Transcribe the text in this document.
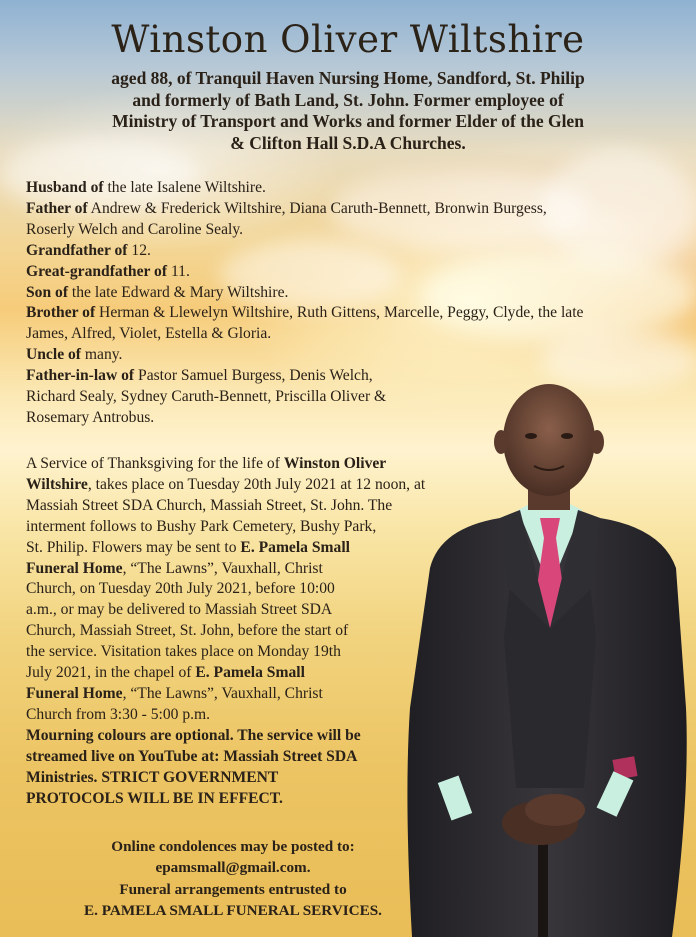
Winston Oliver Wiltshire
aged 88, of Tranquil Haven Nursing Home, Sandford, St. Philip
and formerly of Bath Land, St. John. Former employee of
Ministry of Transport and Works and former Elder of the Glen
& Clifton Hall S.D.A Churches.
Husband of the late Isalene Wiltshire.
Father of Andrew & Frederick Wiltshire, Diana Caruth-Bennett, Bronwin Burgess,
Roserly Welch and Caroline Sealy.
Grandfather of 12.
Great-grandfather of 11.
Son of the late Edward & Mary Wiltshire.
Brother of Herman & Llewelyn Wiltshire, Ruth Gittens, Marcelle, Peggy, Clyde, the late
James, Alfred, Violet, Estella & Gloria.
Uncle of many.
Father-in-law of Pastor Samuel Burgess, Denis Welch,
Richard Sealy, Sydney Caruth-Bennett, Priscilla Oliver &
Rosemary Antrobus.
A Service of Thanksgiving for the life of Winston Oliver
Wiltshire, takes place on Tuesday 20th July 2021 at 12 noon, at
Massiah Street SDA Church, Massiah Street, St. John. The
interment follows to Bushy Park Cemetery, Bushy Park,
St. Philip. Flowers may be sent to E. Pamela Small
Funeral Home, “The Lawns”, Vauxhall, Christ
Church, on Tuesday 20th July 2021, before 10:00
a.m., or may be delivered to Massiah Street SDA
Church, Massiah Street, St. John, before the start of
the service. Visitation takes place on Monday 19th
July 2021, in the chapel of E. Pamela Small
Funeral Home, “The Lawns”, Vauxhall, Christ
Church from 3:30 - 5:00 p.m.
Mourning colours are optional. The service will be
streamed live on YouTube at: Massiah Street SDA
Ministries. STRICT GOVERNMENT
PROTOCOLS WILL BE IN EFFECT.
Online condolences may be posted to:
epamsmall@gmail.com.
Funeral arrangements entrusted to
E. PAMELA SMALL FUNERAL SERVICES.
